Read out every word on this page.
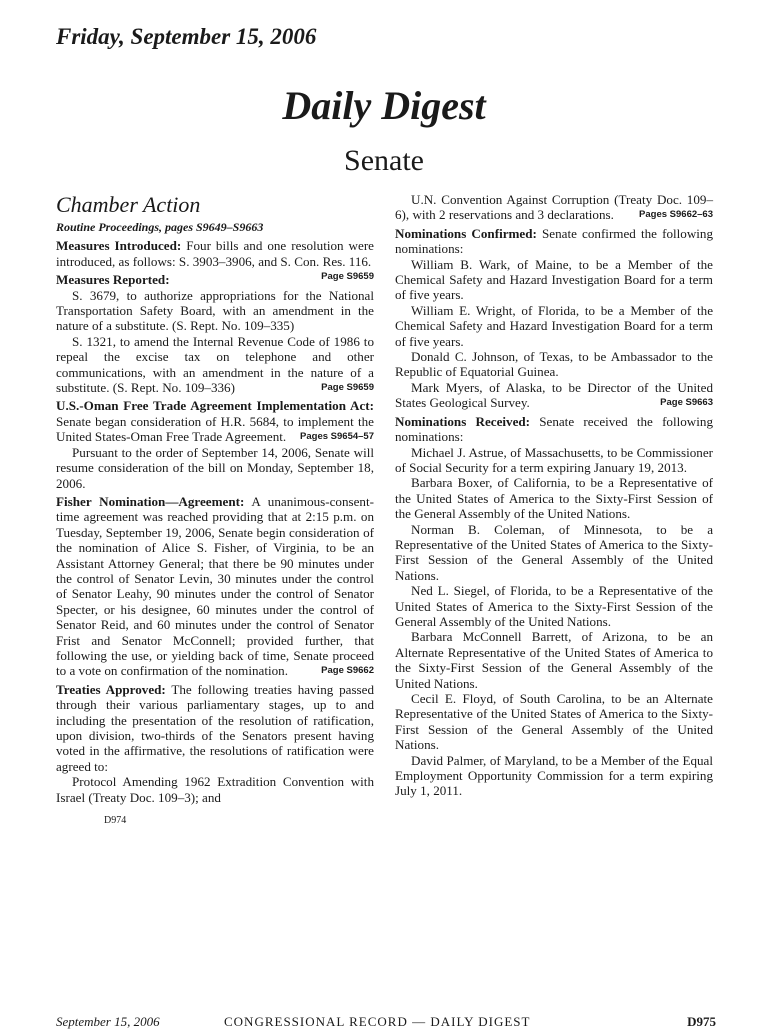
Friday, September 15, 2006
Daily Digest
Senate
Chamber Action
Routine Proceedings, pages S9649–S9663

Measures Introduced: Four bills and one resolution were introduced, as follows: S. 3903–3906, and S. Con. Res. 116.
Page S9659

Measures Reported:

S. 3679, to authorize appropriations for the National Transportation Safety Board, with an amendment in the nature of a substitute. (S. Rept. No. 109–335)

S. 1321, to amend the Internal Revenue Code of 1986 to repeal the excise tax on telephone and other communications, with an amendment in the nature of a substitute. (S. Rept. No. 109–336)	Page S9659

U.S.-Oman Free Trade Agreement Implementation Act: Senate began consideration of H.R. 5684, to implement the United States-Oman Free Trade Agreement.	Pages S9654–57

Pursuant to the order of September 14, 2006, Senate will resume consideration of the bill on Monday, September 18, 2006.

Fisher Nomination—Agreement: A unanimous-consent-time agreement was reached providing that at 2:15 p.m. on Tuesday, September 19, 2006, Senate begin consideration of the nomination of Alice S. Fisher, of Virginia, to be an Assistant Attorney General; that there be 90 minutes under the control of Senator Levin, 30 minutes under the control of Senator Leahy, 90 minutes under the control of Senator Specter, or his designee, 60 minutes under the control of Senator Reid, and 60 minutes under the control of Senator Frist and Senator McConnell; provided further, that following the use, or yielding back of time, Senate proceed to a vote on confirmation of the nomination.	Page S9662

Treaties Approved: The following treaties having passed through their various parliamentary stages, up to and including the presentation of the resolution of ratification, upon division, two-thirds of the Senators present having voted in the affirmative, the resolutions of ratification were agreed to:

Protocol Amending 1962 Extradition Convention with Israel (Treaty Doc. 109–3); and

D974

U.N. Convention Against Corruption (Treaty Doc. 109–6), with 2 reservations and 3 declarations.	Pages S9662–63

Nominations Confirmed: Senate confirmed the following nominations:

William B. Wark, of Maine, to be a Member of the Chemical Safety and Hazard Investigation Board for a term of five years.

William E. Wright, of Florida, to be a Member of the Chemical Safety and Hazard Investigation Board for a term of five years.

Donald C. Johnson, of Texas, to be Ambassador to the Republic of Equatorial Guinea.

Mark Myers, of Alaska, to be Director of the United States Geological Survey.	Page S9663

Nominations Received: Senate received the following nominations:

Michael J. Astrue, of Massachusetts, to be Commissioner of Social Security for a term expiring January 19, 2013.

Barbara Boxer, of California, to be a Representative of the United States of America to the Sixty-First Session of the General Assembly of the United Nations.

Norman B. Coleman, of Minnesota, to be a Representative of the United States of America to the Sixty-First Session of the General Assembly of the United Nations.

Ned L. Siegel, of Florida, to be a Representative of the United States of America to the Sixty-First Session of the General Assembly of the United Nations.

Barbara McConnell Barrett, of Arizona, to be an Alternate Representative of the United States of America to the Sixty-First Session of the General Assembly of the United Nations.

Cecil E. Floyd, of South Carolina, to be an Alternate Representative of the United States of America to the Sixty-First Session of the General Assembly of the United Nations.

David Palmer, of Maryland, to be a Member of the Equal Employment Opportunity Commission for a term expiring July 1, 2011.

September 15, 2006	CONGRESSIONAL RECORD — DAILY DIGEST	D975
